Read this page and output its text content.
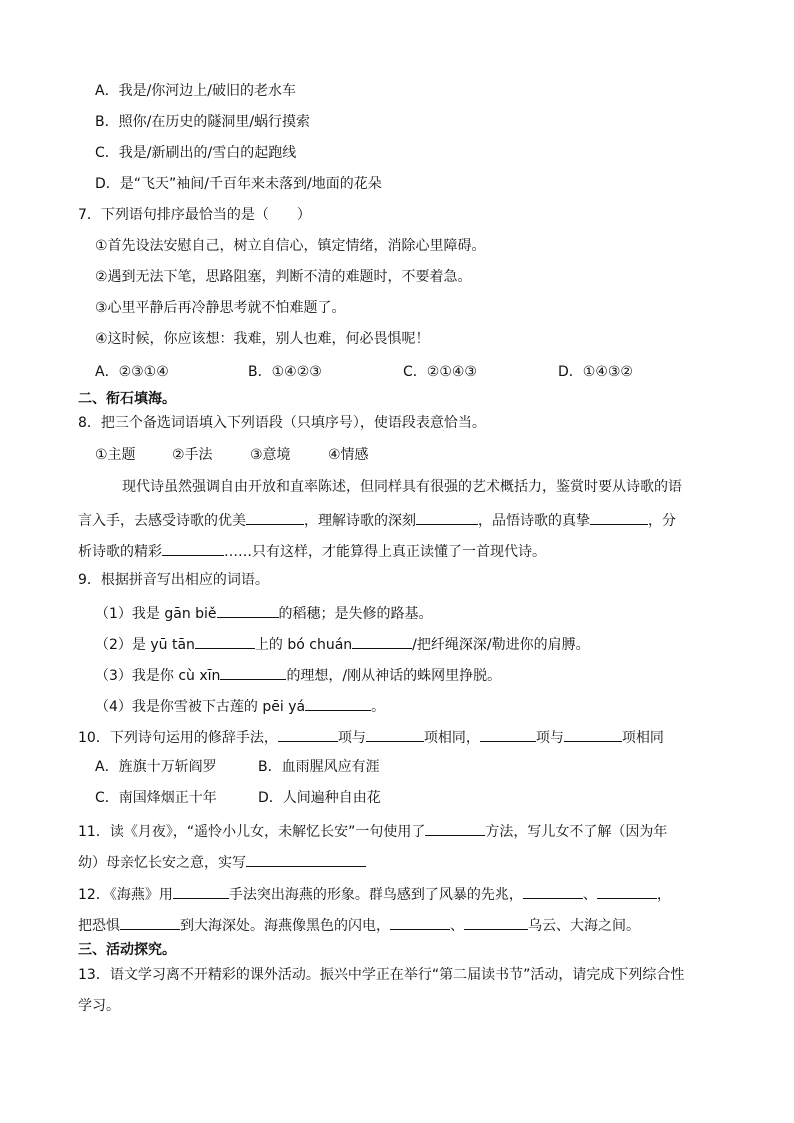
A．我是/你河边上/破旧的老水车
B．照你/在历史的隧洞里/蜗行摸索
C．我是/新刷出的/雪白的起跑线
D．是“飞天”袖间/千百年来未落到/地面的花朵
7．下列语句排序最恰当的是（　　）
①首先设法安慰自己，树立自信心，镇定情绪，消除心里障碍。
②遇到无法下笔，思路阻塞，判断不清的难题时，不要着急。
③心里平静后再冷静思考就不怕难题了。
④这时候，你应该想：我难，别人也难，何必畏惧呢！
A．②③①④	B．①④②③	C．②①④③	D．①④③②
二、衔石填海。
8．把三个备选词语填入下列语段（只填序号），使语段表意恰当。
①主题	②手法	③意境	④情感
现代诗虽然强调自由开放和直率陈述，但同样具有很强的艺术概括力，鉴赏时要从诗歌的语
言入手，去感受诗歌的优美	，理解诗歌的深刻	，品悟诗歌的真挚	，分
析诗歌的精彩	……只有这样，才能算得上真正读懂了一首现代诗。
9．根据拼音写出相应的词语。
（1）我是 gān biě	的稻穗；是失修的路基。
（2）是 yū tān	上的 bó chuán	/把纤绳深深/勒进你的肩膊。
（3）我是你 cù xīn	的理想，/刚从神话的蛛网里挣脱。
（4）我是你雪被下古莲的 pēi yá	。
10．下列诗句运用的修辞手法，	项与	项相同，	项与	项相同
A．旌旗十万斩阎罗	B．血雨腥风应有涯
C．南国烽烟正十年	D．人间遍种自由花
11．读《月夜》，“遥怜小儿女，未解忆长安”一句使用了	方法，写儿女不了解（因为年
幼）母亲忆长安之意，实写
12．《海燕》用	手法突出海燕的形象。群鸟感到了风暴的先兆，	、	，
把恐惧	到大海深处。海燕像黑色的闪电，	、	乌云、大海之间。
三、活动探究。
13．语文学习离不开精彩的课外活动。振兴中学正在举行“第二届读书节”活动，请完成下列综合性
学习。
